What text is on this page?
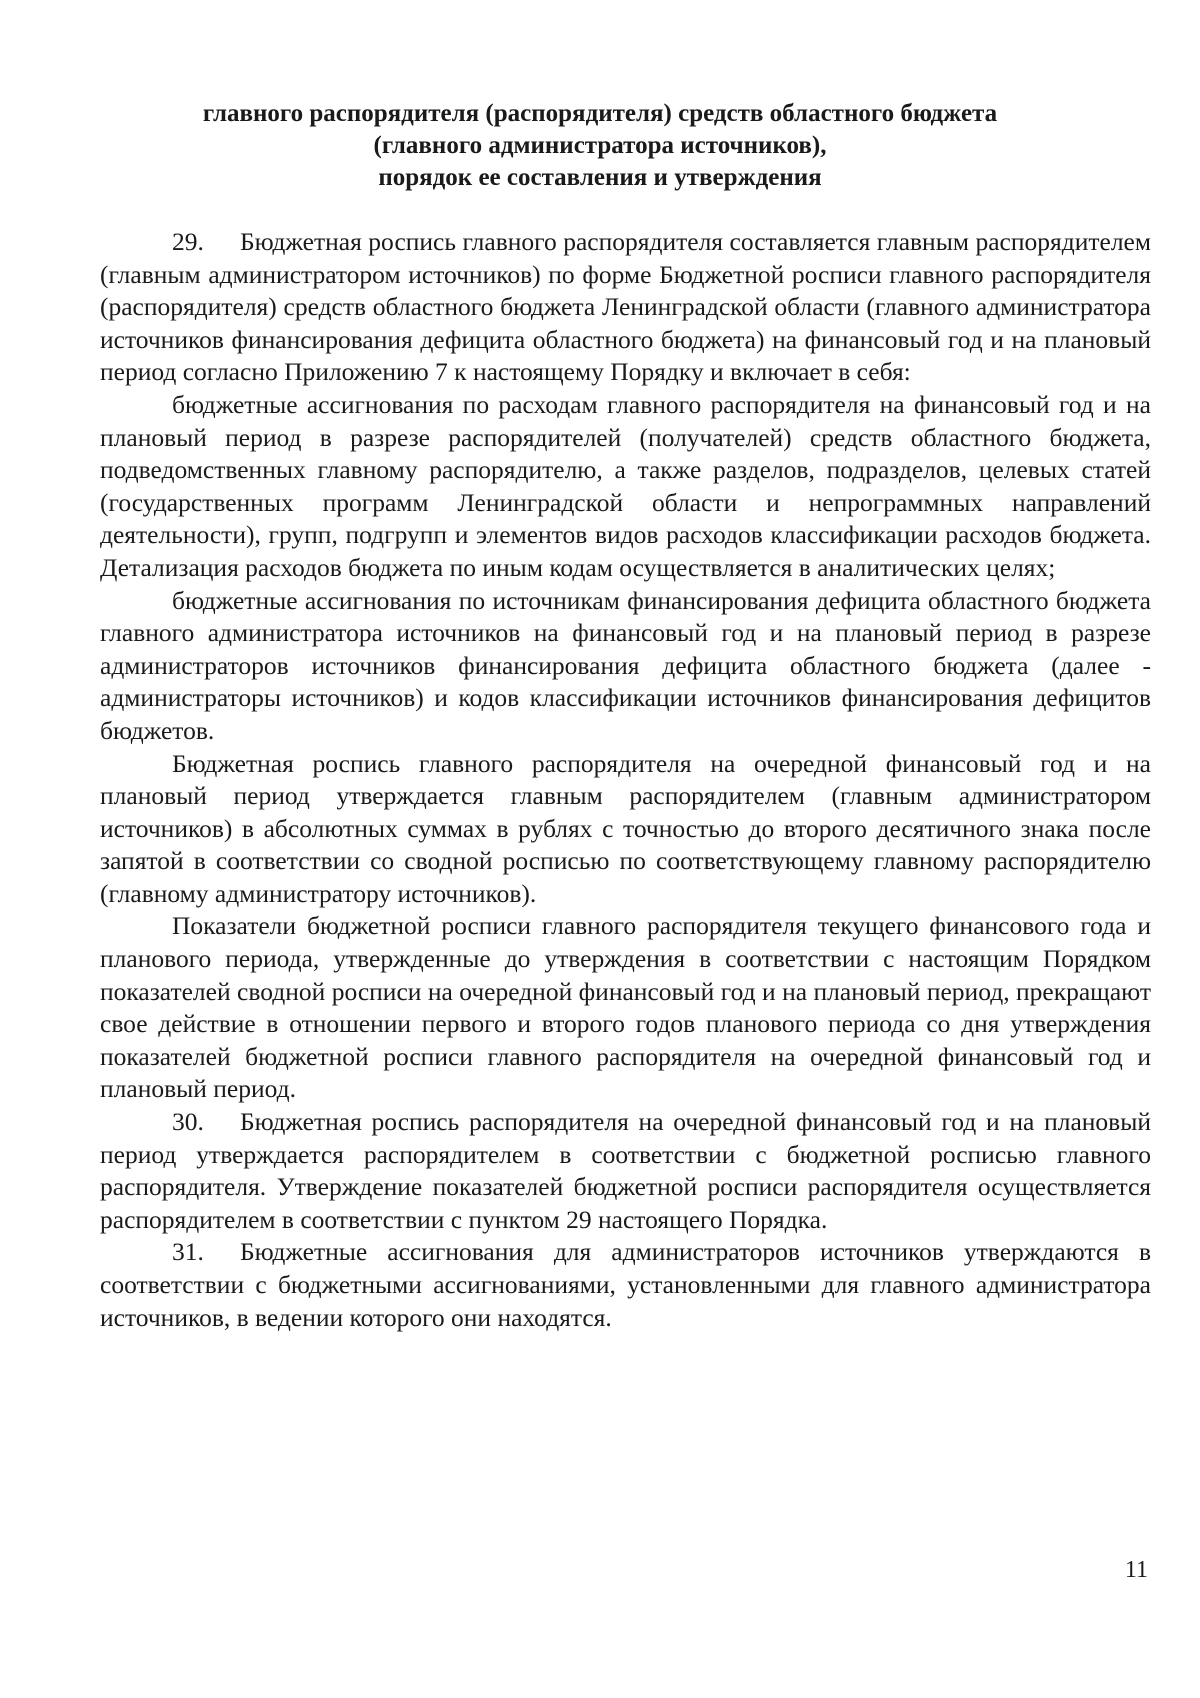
главного распорядителя (распорядителя) средств областного бюджета
(главного администратора источников),
порядок ее составления и утверждения

29. Бюджетная роспись главного распорядителя составляется главным распорядителем (главным администратором источников) по форме Бюджетной росписи главного распорядителя (распорядителя) средств областного бюджета Ленинградской области (главного администратора источников финансирования дефицита областного бюджета) на финансовый год и на плановый период согласно Приложению 7 к настоящему Порядку и включает в себя:

бюджетные ассигнования по расходам главного распорядителя на финансовый год и на плановый период в разрезе распорядителей (получателей) средств областного бюджета, подведомственных главному распорядителю, а также разделов, подразделов, целевых статей (государственных программ Ленинградской области и непрограммных направлений деятельности), групп, подгрупп и элементов видов расходов классификации расходов бюджета. Детализация расходов бюджета по иным кодам осуществляется в аналитических целях;

бюджетные ассигнования по источникам финансирования дефицита областного бюджета главного администратора источников на финансовый год и на плановый период в разрезе администраторов источников финансирования дефицита областного бюджета (далее - администраторы источников) и кодов классификации источников финансирования дефицитов бюджетов.

Бюджетная роспись главного распорядителя на очередной финансовый год и на плановый период утверждается главным распорядителем (главным администратором источников) в абсолютных суммах в рублях с точностью до второго десятичного знака после запятой в соответствии со сводной росписью по соответствующему главному распорядителю (главному администратору источников).

Показатели бюджетной росписи главного распорядителя текущего финансового года и планового периода, утвержденные до утверждения в соответствии с настоящим Порядком показателей сводной росписи на очередной финансовый год и на плановый период, прекращают свое действие в отношении первого и второго годов планового периода со дня утверждения показателей бюджетной росписи главного распорядителя на очередной финансовый год и плановый период.

30. Бюджетная роспись распорядителя на очередной финансовый год и на плановый период утверждается распорядителем в соответствии с бюджетной росписью главного распорядителя. Утверждение показателей бюджетной росписи распорядителя осуществляется распорядителем в соответствии с пунктом 29 настоящего Порядка.

31. Бюджетные ассигнования для администраторов источников утверждаются в соответствии с бюджетными ассигнованиями, установленными для главного администратора источников, в ведении которого они находятся.

11
